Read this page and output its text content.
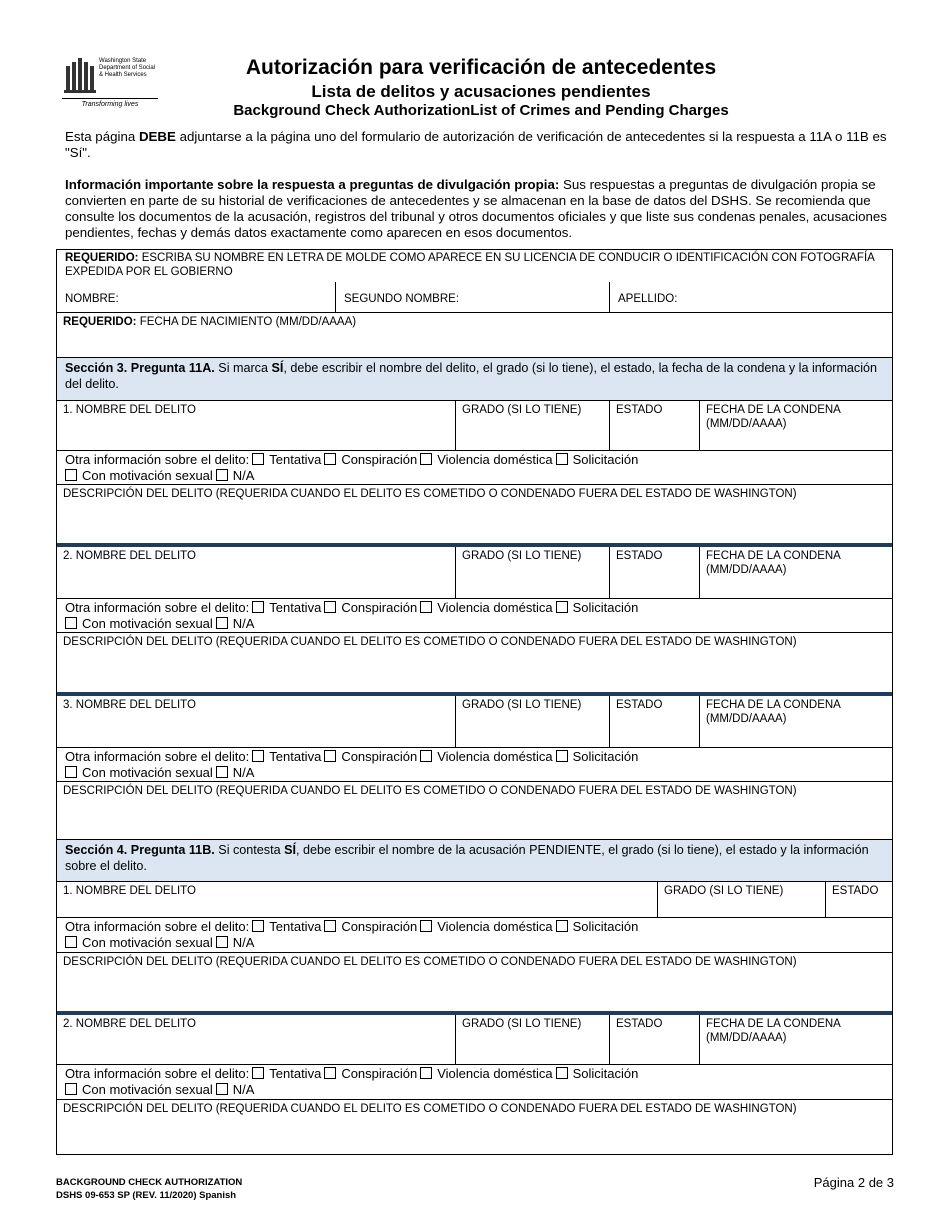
Washington State
Department of Social
& Health Services
Transforming lives
Autorización para verificación de antecedentes
Lista de delitos y acusaciones pendientes
Background Check AuthorizationList of Crimes and Pending Charges
Esta página DEBE adjuntarse a la página uno del formulario de autorización de verificación de antecedentes si la respuesta a 11A o 11B es "Sí".
Información importante sobre la respuesta a preguntas de divulgación propia: Sus respuestas a preguntas de divulgación propia se convierten en parte de su historial de verificaciones de antecedentes y se almacenan en la base de datos del DSHS. Se recomienda que consulte los documentos de la acusación, registros del tribunal y otros documentos oficiales y que liste sus condenas penales, acusaciones pendientes, fechas y demás datos exactamente como aparecen en esos documentos.
REQUERIDO: ESCRIBA SU NOMBRE EN LETRA DE MOLDE COMO APARECE EN SU LICENCIA DE CONDUCIR O IDENTIFICACIÓN CON FOTOGRAFÍA EXPEDIDA POR EL GOBIERNO
NOMBRE:	SEGUNDO NOMBRE:	APELLIDO:
REQUERIDO: FECHA DE NACIMIENTO (MM/DD/AAAA)
Sección 3. Pregunta 11A. Si marca SÍ, debe escribir el nombre del delito, el grado (si lo tiene), el estado, la fecha de la condena y la información del delito.
1. NOMBRE DEL DELITO	GRADO (SI LO TIENE)	ESTADO	FECHA DE LA CONDENA (MM/DD/AAAA)
Otra información sobre el delito: Tentativa Conspiración Violencia doméstica Solicitación
Con motivación sexual N/A
DESCRIPCIÓN DEL DELITO (REQUERIDA CUANDO EL DELITO ES COMETIDO O CONDENADO FUERA DEL ESTADO DE WASHINGTON)
2. NOMBRE DEL DELITO	GRADO (SI LO TIENE)	ESTADO	FECHA DE LA CONDENA (MM/DD/AAAA)
Otra información sobre el delito: Tentativa Conspiración Violencia doméstica Solicitación
Con motivación sexual N/A
DESCRIPCIÓN DEL DELITO (REQUERIDA CUANDO EL DELITO ES COMETIDO O CONDENADO FUERA DEL ESTADO DE WASHINGTON)
3. NOMBRE DEL DELITO	GRADO (SI LO TIENE)	ESTADO	FECHA DE LA CONDENA (MM/DD/AAAA)
Otra información sobre el delito: Tentativa Conspiración Violencia doméstica Solicitación
Con motivación sexual N/A
DESCRIPCIÓN DEL DELITO (REQUERIDA CUANDO EL DELITO ES COMETIDO O CONDENADO FUERA DEL ESTADO DE WASHINGTON)
Sección 4. Pregunta 11B. Si contesta SÍ, debe escribir el nombre de la acusación PENDIENTE, el grado (si lo tiene), el estado y la información sobre el delito.
1. NOMBRE DEL DELITO	GRADO (SI LO TIENE)	ESTADO
Otra información sobre el delito: Tentativa Conspiración Violencia doméstica Solicitación
Con motivación sexual N/A
DESCRIPCIÓN DEL DELITO (REQUERIDA CUANDO EL DELITO ES COMETIDO O CONDENADO FUERA DEL ESTADO DE WASHINGTON)
2. NOMBRE DEL DELITO	GRADO (SI LO TIENE)	ESTADO	FECHA DE LA CONDENA (MM/DD/AAAA)
Otra información sobre el delito: Tentativa Conspiración Violencia doméstica Solicitación
Con motivación sexual N/A
DESCRIPCIÓN DEL DELITO (REQUERIDA CUANDO EL DELITO ES COMETIDO O CONDENADO FUERA DEL ESTADO DE WASHINGTON)
BACKGROUND CHECK AUTHORIZATION
DSHS 09-653 SP (REV. 11/2020) Spanish
Página 2 de 3
